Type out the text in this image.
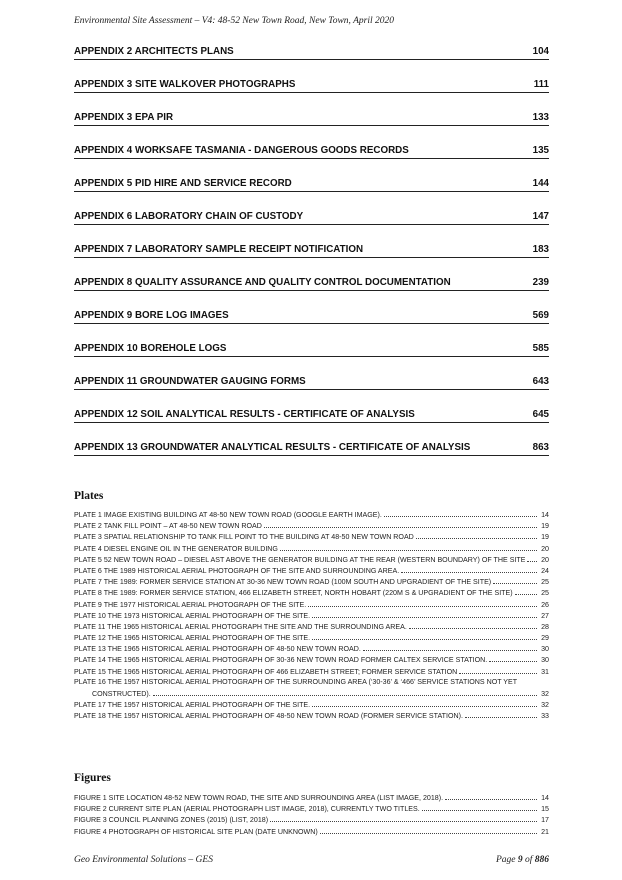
Environmental Site Assessment – V4: 48-52 New Town Road, New Town, April 2020
APPENDIX 2 ARCHITECTS PLANS	104
APPENDIX 3 SITE WALKOVER PHOTOGRAPHS	111
APPENDIX 3 EPA PIR	133
APPENDIX 4 WORKSAFE TASMANIA - DANGEROUS GOODS RECORDS	135
APPENDIX 5 PID HIRE AND SERVICE RECORD	144
APPENDIX 6 LABORATORY CHAIN OF CUSTODY	147
APPENDIX 7 LABORATORY SAMPLE RECEIPT NOTIFICATION	183
APPENDIX 8 QUALITY ASSURANCE AND QUALITY CONTROL DOCUMENTATION	239
APPENDIX 9 BORE LOG IMAGES	569
APPENDIX 10 BOREHOLE LOGS	585
APPENDIX 11 GROUNDWATER GAUGING FORMS	643
APPENDIX 12 SOIL ANALYTICAL RESULTS - CERTIFICATE OF ANALYSIS	645
APPENDIX 13 GROUNDWATER ANALYTICAL RESULTS - CERTIFICATE OF ANALYSIS	863
Plates
PLATE 1 IMAGE EXISTING BUILDING AT 48-50 NEW TOWN ROAD (GOOGLE EARTH IMAGE).	14
PLATE 2 TANK FILL POINT – AT 48-50 NEW TOWN ROAD	19
PLATE 3 SPATIAL RELATIONSHIP TO TANK FILL POINT TO THE BUILDING AT 48-50 NEW TOWN ROAD	19
PLATE 4 DIESEL ENGINE OIL IN THE GENERATOR BUILDING	20
PLATE 5 52 NEW TOWN ROAD – DIESEL AST ABOVE THE GENERATOR BUILDING AT THE REAR (WESTERN BOUNDARY) OF THE SITE 20
PLATE 6 THE 1989 HISTORICAL AERIAL PHOTOGRAPH OF THE SITE AND SURROUNDING AREA.	24
PLATE 7 THE 1989: FORMER SERVICE STATION AT 30-36 NEW TOWN ROAD (100M SOUTH AND UPGRADIENT OF THE SITE)	25
PLATE 8 THE 1989: FORMER SERVICE STATION, 466 ELIZABETH STREET, NORTH HOBART (220M S & UPGRADIENT OF THE SITE)	25
PLATE 9 THE 1977 HISTORICAL AERIAL PHOTOGRAPH OF THE SITE.	26
PLATE 10 THE 1973 HISTORICAL AERIAL PHOTOGRAPH OF THE SITE.	27
PLATE 11 THE 1965 HISTORICAL AERIAL PHOTOGRAPH THE SITE AND THE SURROUNDING AREA.	28
PLATE 12 THE 1965 HISTORICAL AERIAL PHOTOGRAPH OF THE SITE.	29
PLATE 13 THE 1965 HISTORICAL AERIAL PHOTOGRAPH OF 48-50 NEW TOWN ROAD.	30
PLATE 14 THE 1965 HISTORICAL AERIAL PHOTOGRAPH OF 30-36 NEW TOWN ROAD FORMER CALTEX SERVICE STATION.	30
PLATE 15 THE 1965 HISTORICAL AERIAL PHOTOGRAPH OF 466 ELIZABETH STREET; FORMER SERVICE STATION	31
PLATE 16 THE 1957 HISTORICAL AERIAL PHOTOGRAPH OF THE SURROUNDING AREA (‘30-36’ & ‘466’ SERVICE STATIONS NOT YET
CONSTRUCTED).	32
PLATE 17 THE 1957 HISTORICAL AERIAL PHOTOGRAPH OF THE SITE.	32
PLATE 18 THE 1957 HISTORICAL AERIAL PHOTOGRAPH OF 48-50 NEW TOWN ROAD (FORMER SERVICE STATION).	33
Figures
FIGURE 1 SITE LOCATION 48-52 NEW TOWN ROAD, THE SITE AND SURROUNDING AREA (LIST IMAGE, 2018).	14
FIGURE 2 CURRENT SITE PLAN (AERIAL PHOTOGRAPH LIST IMAGE, 2018), CURRENTLY TWO TITLES.	15
FIGURE 3 COUNCIL PLANNING ZONES (2015) (LIST, 2018)	17
FIGURE 4 PHOTOGRAPH OF HISTORICAL SITE PLAN (DATE UNKNOWN)	21
Geo Environmental Solutions – GES	Page 9 of 886
